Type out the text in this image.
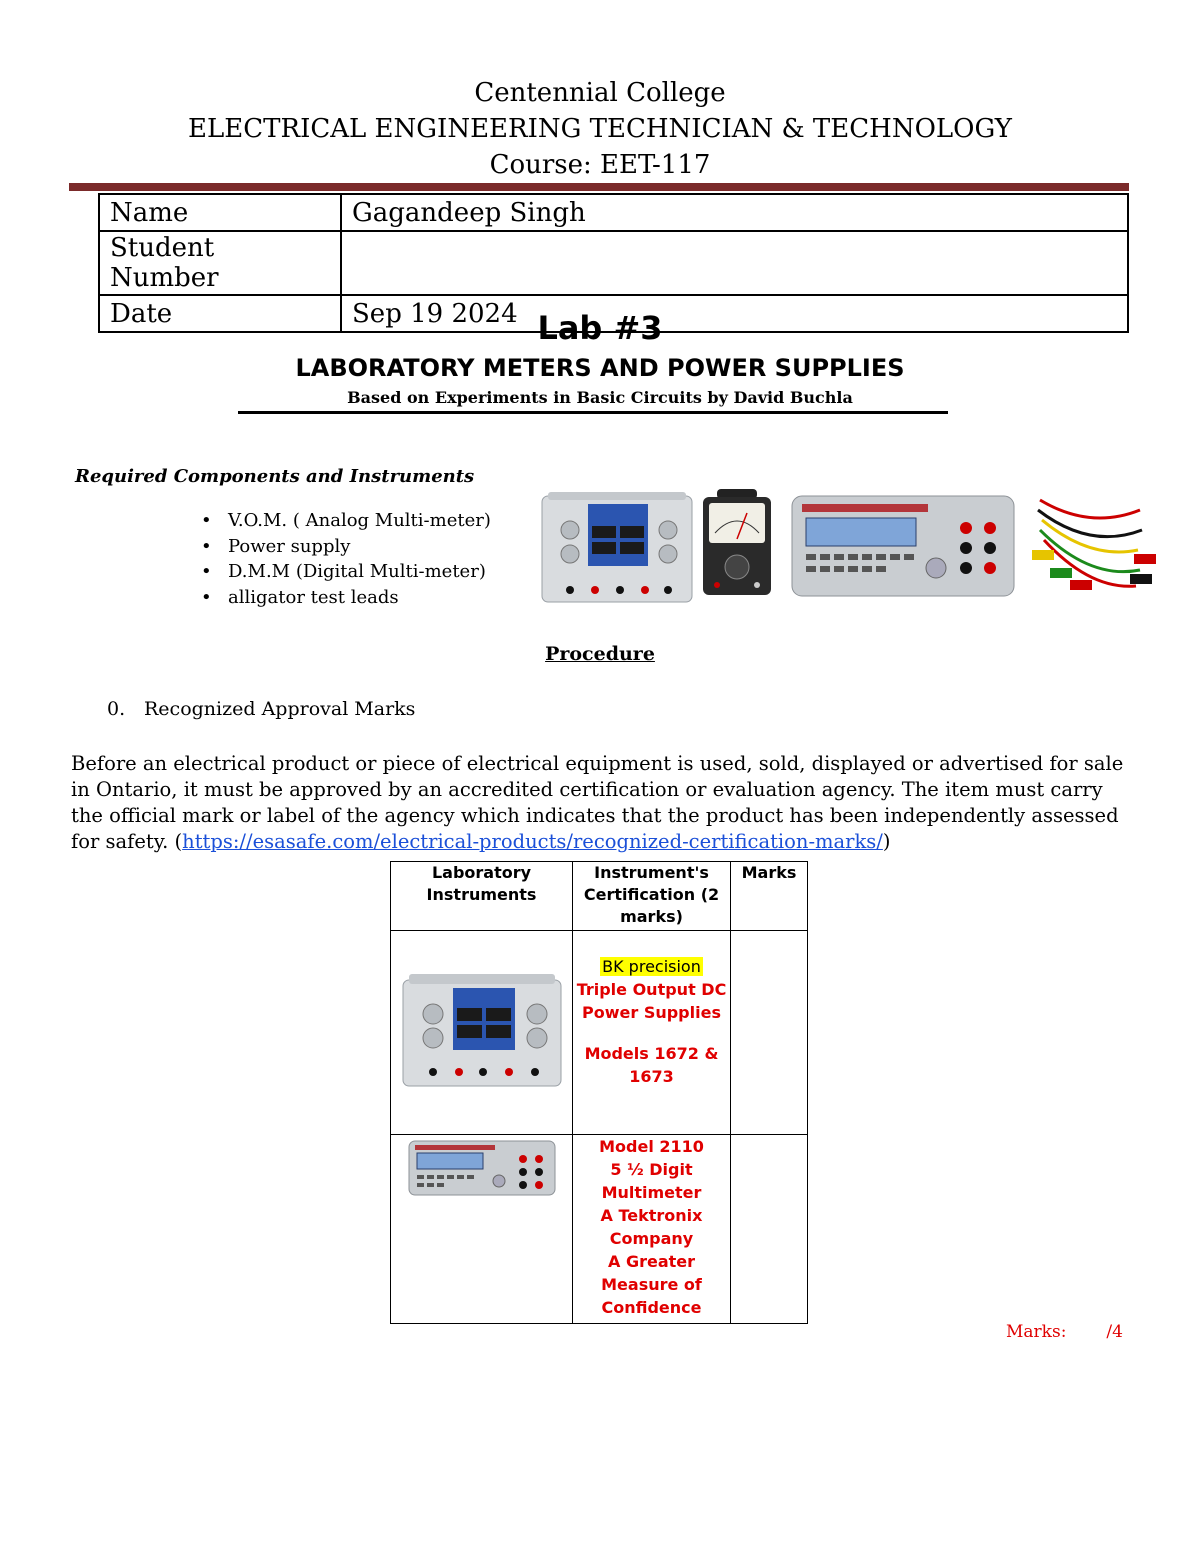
Centennial College
ELECTRICAL ENGINEERING TECHNICIAN & TECHNOLOGY
Course: EET-117
Name	Gagandeep Singh
Student Number	
Date	Sep 19 2024 Lab #3
LABORATORY METERS AND POWER SUPPLIES
Based on Experiments in Basic Circuits by David Buchla
Required Components and Instruments
• V.O.M. ( Analog Multi-meter)
• Power supply
• D.M.M (Digital Multi-meter)
• alligator test leads
Procedure
0. Recognized Approval Marks
Before an electrical product or piece of electrical equipment is used, sold, displayed or advertised for sale in Ontario, it must be approved by an accredited certification or evaluation agency. The item must carry the official mark or label of the agency which indicates that the product has been independently assessed for safety. (https://esasafe.com/electrical-products/recognized-certification-marks/)
Laboratory Instruments	Instrument's Certification (2 marks)	Marks

BK precision
Triple Output DC Power Supplies
Models 1672 & 1673	

Model 2110
5 ½ Digit Multimeter
A Tektronix Company
A Greater Measure of Confidence	

Marks: /4
